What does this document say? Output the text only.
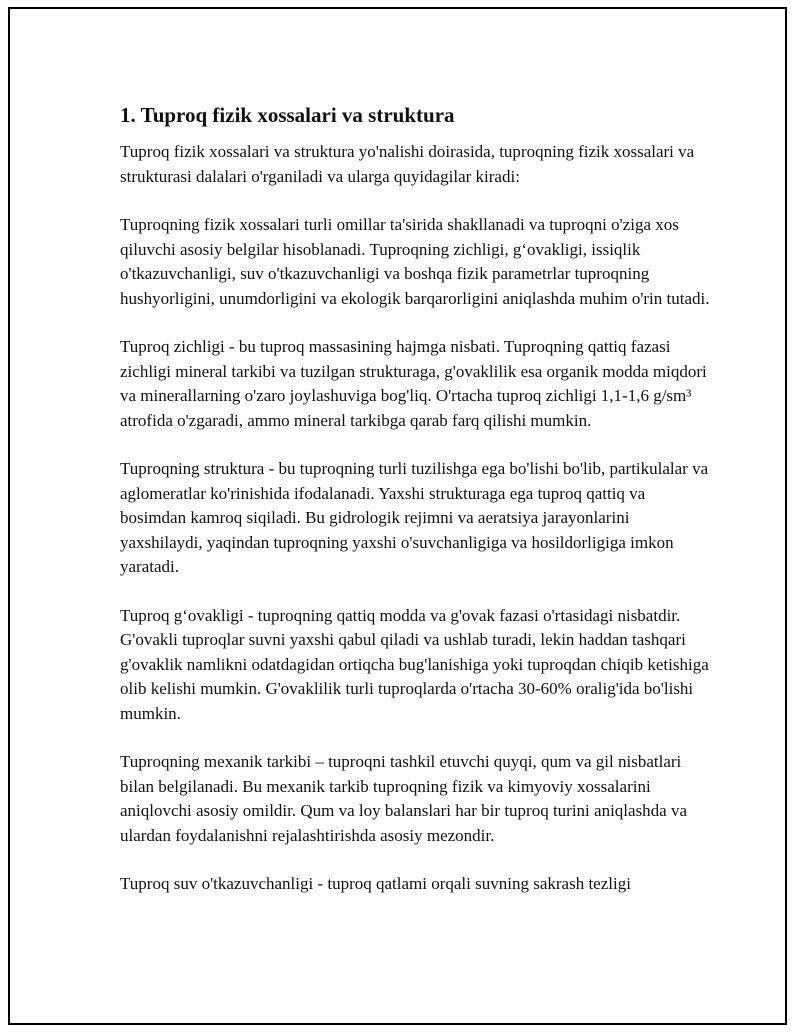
1. Tuproq fizik xossalari va struktura

Tuproq fizik xossalari va struktura yo'nalishi doirasida, tuproqning fizik xossalari va strukturasi dalalari o'rganiladi va ularga quyidagilar kiradi:

Tuproqning fizik xossalari turli omillar ta'sirida shakllanadi va tuproqni o'ziga xos qiluvchi asosiy belgilar hisoblanadi. Tuproqning zichligi, g‘ovakligi, issiqlik o'tkazuvchanligi, suv o'tkazuvchanligi va boshqa fizik parametrlar tuproqning hushyorligini, unumdorligini va ekologik barqarorligini aniqlashda muhim o'rin tutadi.

Tuproq zichligi - bu tuproq massasining hajmga nisbati. Tuproqning qattiq fazasi zichligi mineral tarkibi va tuzilgan strukturaga, g'ovaklilik esa organik modda miqdori va minerallarning o'zaro joylashuviga bog'liq. O'rtacha tuproq zichligi 1,1-1,6 g/sm³ atrofida o'zgaradi, ammo mineral tarkibga qarab farq qilishi mumkin.

Tuproqning struktura - bu tuproqning turli tuzilishga ega bo'lishi bo'lib, partikulalar va aglomeratlar ko'rinishida ifodalanadi. Yaxshi strukturaga ega tuproq qattiq va bosimdan kamroq siqiladi. Bu gidrologik rejimni va aeratsiya jarayonlarini yaxshilaydi, yaqindan tuproqning yaxshi o'suvchanligiga va hosildorligiga imkon yaratadi.

Tuproq g‘ovakligi - tuproqning qattiq modda va g'ovak fazasi o'rtasidagi nisbatdir. G'ovakli tuproqlar suvni yaxshi qabul qiladi va ushlab turadi, lekin haddan tashqari g'ovaklik namlikni odatdagidan ortiqcha bug'lanishiga yoki tuproqdan chiqib ketishiga olib kelishi mumkin. G'ovaklilik turli tuproqlarda o'rtacha 30-60% oralig'ida bo'lishi mumkin.

Tuproqning mexanik tarkibi – tuproqni tashkil etuvchi quyqi, qum va gil nisbatlari bilan belgilanadi. Bu mexanik tarkib tuproqning fizik va kimyoviy xossalarini aniqlovchi asosiy omildir. Qum va loy balanslari har bir tuproq turini aniqlashda va ulardan foydalanishni rejalashtirishda asosiy mezondir.

Tuproq suv o'tkazuvchanligi - tuproq qatlami orqali suvning sakrash tezligi
